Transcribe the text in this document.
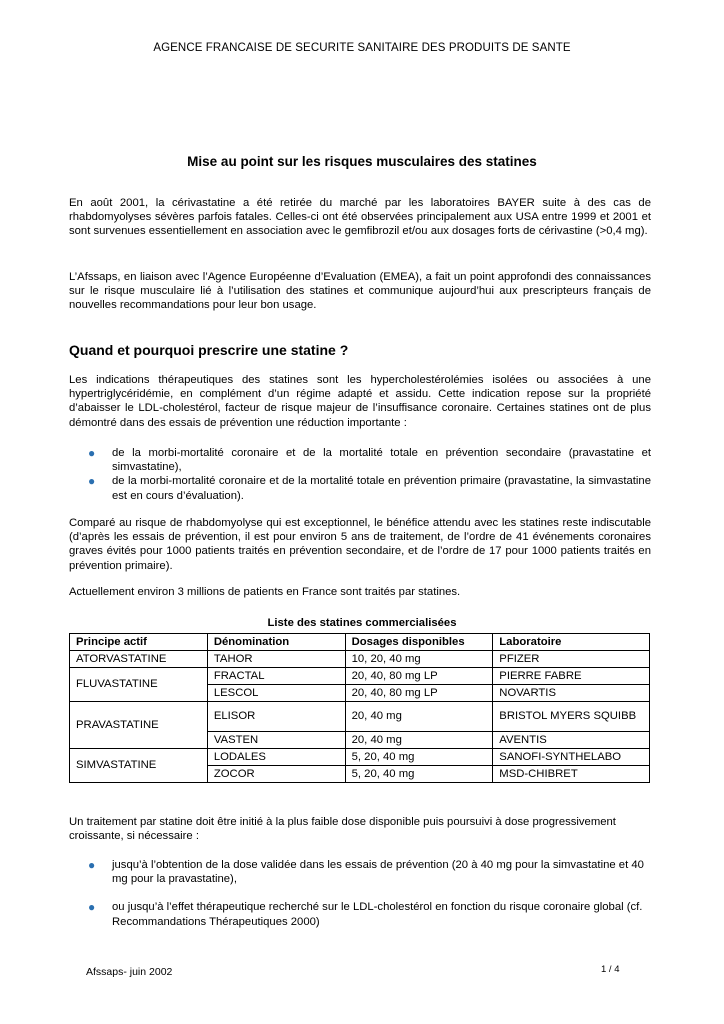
AGENCE FRANCAISE DE SECURITE SANITAIRE DES PRODUITS DE SANTE
Mise au point sur les risques musculaires des statines

En août 2001, la cérivastatine a été retirée du marché par les laboratoires BAYER suite à des cas de rhabdomyolyses sévères parfois fatales. Celles-ci ont été observées principalement aux USA entre 1999 et 2001 et sont survenues essentiellement en association avec le gemfibrozil et/ou aux dosages forts de cérivastine (>0,4 mg).

L’Afssaps, en liaison avec l’Agence Européenne d’Evaluation (EMEA), a fait un point approfondi des connaissances sur le risque musculaire lié à l’utilisation des statines et communique aujourd’hui aux prescripteurs français de nouvelles recommandations pour leur bon usage.

Quand et pourquoi prescrire une statine ?

Les indications thérapeutiques des statines sont les hypercholestérolémies isolées ou associées à une hypertriglycéridémie, en complément d’un régime adapté et assidu. Cette indication repose sur la propriété d’abaisser le LDL-cholestérol, facteur de risque majeur de l’insuffisance coronaire. Certaines statines ont de plus démontré dans des essais de prévention une réduction importante :

● de la morbi-mortalité coronaire et de la mortalité totale en prévention secondaire (pravastatine et simvastatine),
● de la morbi-mortalité coronaire et de la mortalité totale en prévention primaire (pravastatine, la simvastatine est en cours d’évaluation).

Comparé au risque de rhabdomyolyse qui est exceptionnel, le bénéfice attendu avec les statines reste indiscutable (d’après les essais de prévention, il est pour environ 5 ans de traitement, de l’ordre de 41 événements coronaires graves évités pour 1000 patients traités en prévention secondaire, et de l’ordre de 17 pour 1000 patients traités en prévention primaire).

Actuellement environ 3 millions de patients en France sont traités par statines.

Liste des statines commercialisées
Principe actif	Dénomination	Dosages disponibles	Laboratoire
ATORVASTATINE	TAHOR	10, 20, 40 mg	PFIZER
FLUVASTATINE	FRACTAL	20, 40, 80 mg LP	PIERRE FABRE
	LESCOL	20, 40, 80 mg LP	NOVARTIS
PRAVASTATINE	ELISOR	20, 40 mg	BRISTOL MYERS SQUIBB
	VASTEN	20, 40 mg	AVENTIS
SIMVASTATINE	LODALES	5, 20, 40 mg	SANOFI-SYNTHELABO
	ZOCOR	5, 20, 40 mg	MSD-CHIBRET

Un traitement par statine doit être initié à la plus faible dose disponible puis poursuivi à dose progressivement croissante, si nécessaire :

● jusqu’à l’obtention de la dose validée dans les essais de prévention (20 à 40 mg pour la simvastatine et 40 mg pour la pravastatine),
● ou jusqu’à l’effet thérapeutique recherché sur le LDL-cholestérol en fonction du risque coronaire global (cf. Recommandations Thérapeutiques 2000)
Afssaps- juin 2002	1 / 4
